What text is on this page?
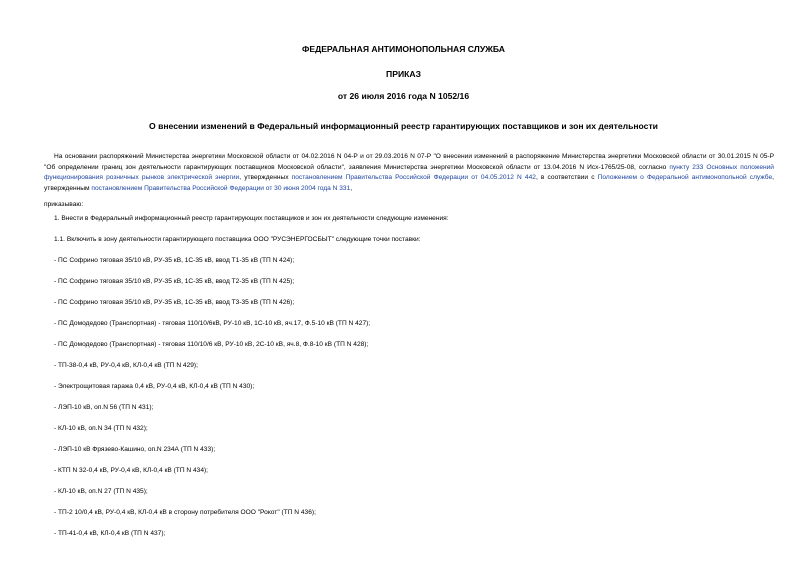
ФЕДЕРАЛЬНАЯ АНТИМОНОПОЛЬНАЯ СЛУЖБА
ПРИКАЗ
от 26 июля 2016 года N 1052/16
О внесении изменений в Федеральный информационный реестр гарантирующих поставщиков и зон их деятельности
На основании распоряжений Министерства энергетики Московской области от 04.02.2016 N 04-Р и от 29.03.2016 N 07-Р "О внесении изменений в распоряжение Министерства энергетики Московской области от 30.01.2015 N 05-Р "Об определении границ зон деятельности гарантирующих поставщиков Московской области", заявления Министерства энергетики Московской области от 13.04.2016 N Исх-1765/25-08, согласно пункту 233 Основных положений функционирования розничных рынков электрической энергии, утвержденных постановлением Правительства Российской Федерации от 04.05.2012 N 442, в соответствии с Положением о Федеральной антимонопольной службе, утвержденным постановлением Правительства Российской Федерации от 30 июня 2004 года N 331,
приказываю:
1. Внести в Федеральный информационный реестр гарантирующих поставщиков и зон их деятельности следующие изменения:
1.1. Включить в зону деятельности гарантирующего поставщика ООО "РУСЭНЕРГОСБЫТ" следующие точки поставки:
- ПС Софрино тяговая 35/10 кВ, РУ-35 кВ, 1С-35 кВ, ввод Т1-35 кВ (ТП N 424);
- ПС Софрино тяговая 35/10 кВ, РУ-35 кВ, 1С-35 кВ, ввод Т2-35 кВ (ТП N 425);
- ПС Софрино тяговая 35/10 кВ, РУ-35 кВ, 1С-35 кВ, ввод Т3-35 кВ (ТП N 426);
- ПС Домодедово (Транспортная) - тяговая 110/10/6кВ, РУ-10 кВ, 1С-10 кВ, яч.17, Ф.5-10 кВ (ТП N 427);
- ПС Домодедово (Транспортная) - тяговая 110/10/6 кВ, РУ-10 кВ, 2С-10 кВ, яч.8, Ф.8-10 кВ (ТП N 428);
- ТП-38-0,4 кВ, РУ-0,4 кВ, КЛ-0,4 кВ (ТП N 429);
- Электрощитовая гаража 0,4 кВ, РУ-0,4 кВ, КЛ-0,4 кВ (ТП N 430);
- ЛЭП-10 кВ, оп.N 56 (ТП N 431);
- КЛ-10 кВ, оп.N 34 (ТП N 432);
- ЛЭП-10 кВ Фрязево-Кашино, оп.N 234А (ТП N 433);
- КТП N 32-0,4 кВ, РУ-0,4 кВ, КЛ-0,4 кВ (ТП N 434);
- КЛ-10 кВ, оп.N 27 (ТП N 435);
- ТП-2 10/0,4 кВ, РУ-0,4 кВ, КЛ-0,4 кВ в сторону потребителя ООО "Рокот" (ТП N 436);
- ТП-41-0,4 кВ, КЛ-0,4 кВ (ТП N 437);
